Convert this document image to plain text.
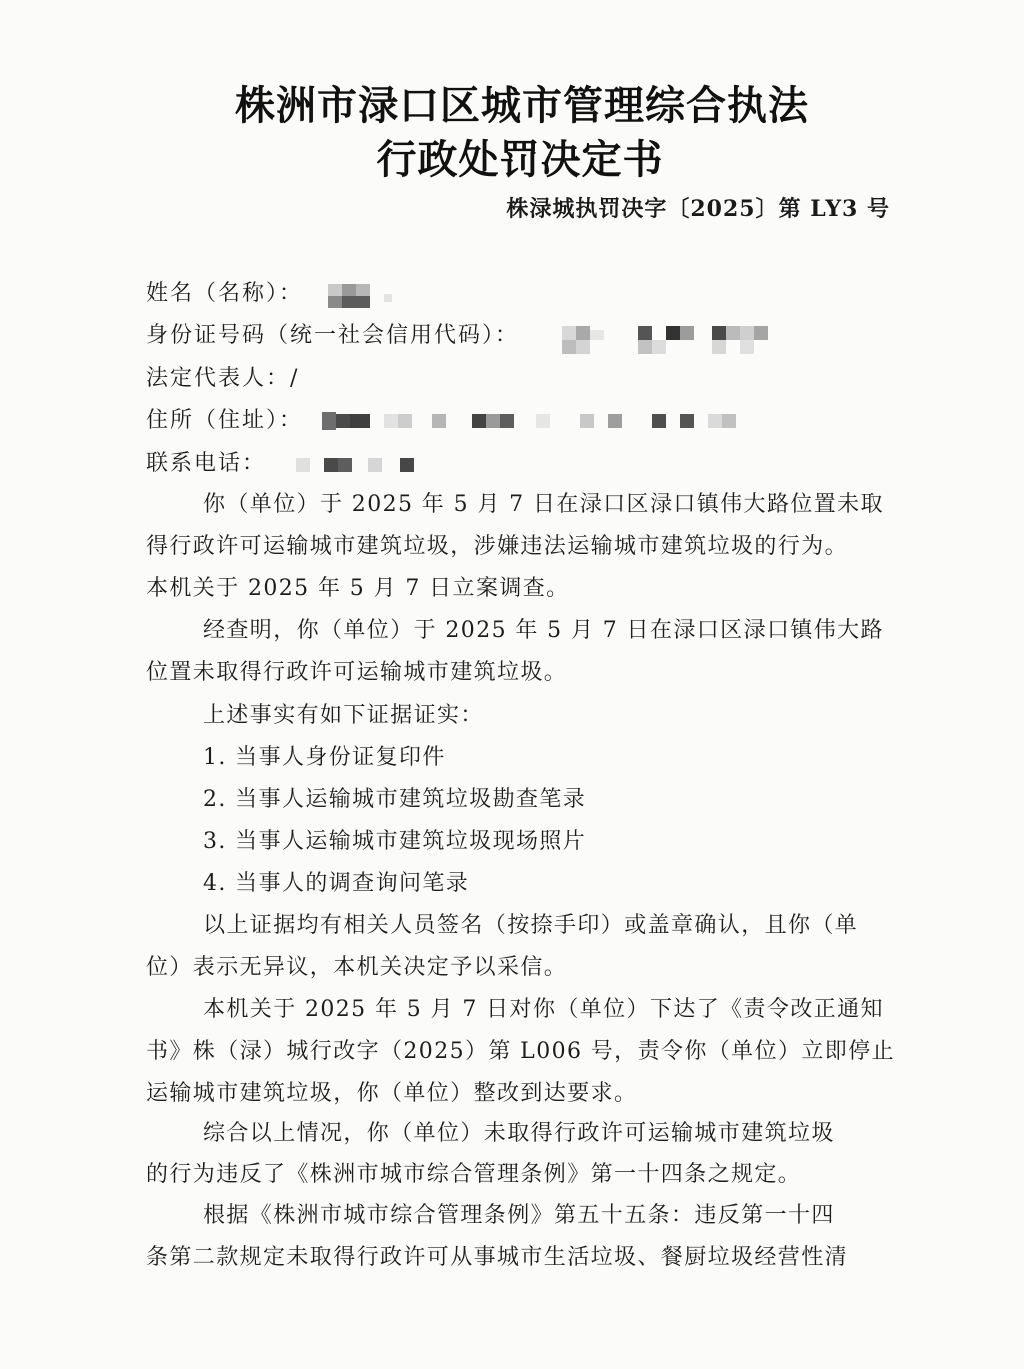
株洲市渌口区城市管理综合执法
行政处罚决定书
株渌城执罚决字〔2025〕第 LY3 号
姓名（名称）：
身份证号码（统一社会信用代码）：
法定代表人：/
住所（住址）：
联系电话：
你（单位）于 2025 年 5 月 7 日在渌口区渌口镇伟大路位置未取
得行政许可运输城市建筑垃圾，涉嫌违法运输城市建筑垃圾的行为。
本机关于 2025 年 5 月 7 日立案调查。
经查明，你（单位）于 2025 年 5 月 7 日在渌口区渌口镇伟大路
位置未取得行政许可运输城市建筑垃圾。
上述事实有如下证据证实：
1. 当事人身份证复印件
2. 当事人运输城市建筑垃圾勘查笔录
3. 当事人运输城市建筑垃圾现场照片
4. 当事人的调查询问笔录
以上证据均有相关人员签名（按捺手印）或盖章确认，且你（单
位）表示无异议，本机关决定予以采信。
本机关于 2025 年 5 月 7 日对你（单位）下达了《责令改正通知
书》株（渌）城行改字（2025）第 L006 号，责令你（单位）立即停止
运输城市建筑垃圾，你（单位）整改到达要求。
综合以上情况，你（单位）未取得行政许可运输城市建筑垃圾
的行为违反了《株洲市城市综合管理条例》第一十四条之规定。
根据《株洲市城市综合管理条例》第五十五条：违反第一十四
条第二款规定未取得行政许可从事城市生活垃圾、餐厨垃圾经营性清
